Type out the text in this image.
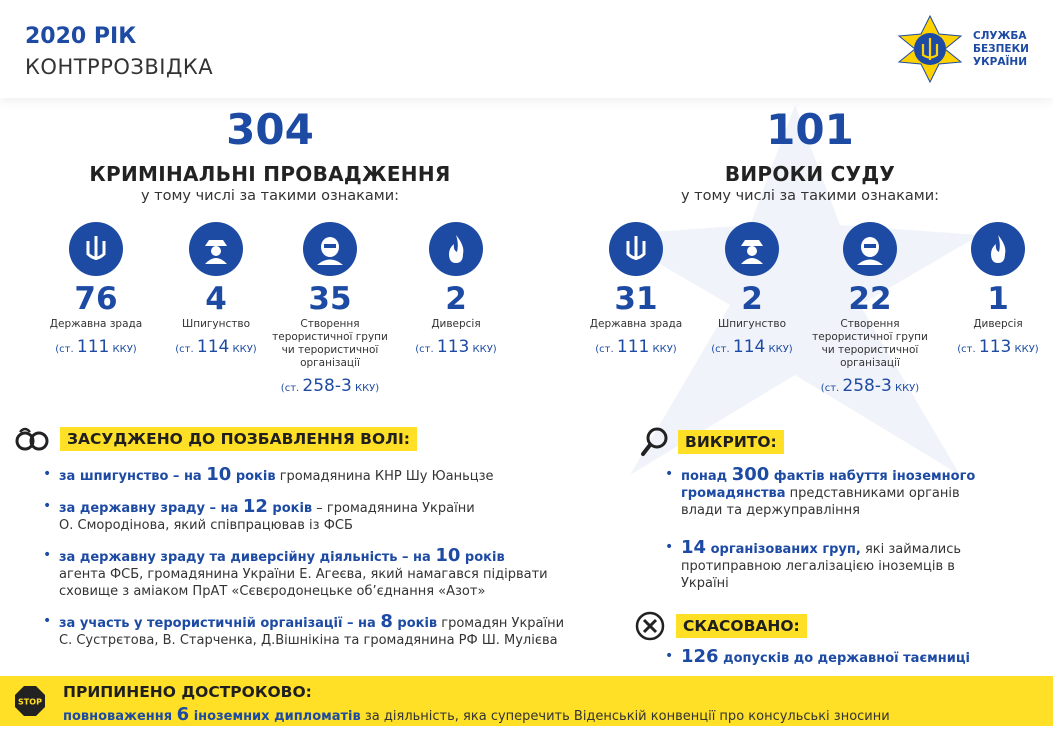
2020 РІК
КОНТРРОЗВІДКА
СЛУЖБА
БЕЗПЕКИ
УКРАЇНИ
304
КРИМІНАЛЬНІ ПРОВАДЖЕННЯ
у тому числі за такими ознаками:
101
ВИРОКИ СУДУ
у тому числі за такими ознаками:
76
Державна зрада
(ст. 111 ККУ)
4
Шпигунство
(ст. 114 ККУ)
35
Створення терористичної групи чи терористичної організації
(ст. 258-3 ККУ)
2
Диверсія
(ст. 113 ККУ)
31
Державна зрада
(ст. 111 ККУ)
2
Шпигунство
(ст. 114 ККУ)
22
Створення терористичної групи чи терористичної організації
(ст. 258-3 ККУ)
1
Диверсія
(ст. 113 ККУ)
ЗАСУДЖЕНО ДО ПОЗБАВЛЕННЯ ВОЛІ:
• за шпигунство – на 10 років громадянина КНР Шу Юаньцзе
• за державну зраду – на 12 років – громадянина України
О. Смородінова, який співпрацював із ФСБ
• за державну зраду та диверсійну діяльність – на 10 років
агента ФСБ, громадянина України Е. Агеєва, який намагався підірвати сховище з аміаком ПрАТ «Сєвєродонецьке об’єднання «Азот»
• за участь у терористичній організації – на 8 років громадян України
С. Сустрєтова, В. Старченка, Д.Вішнікіна та громадянина РФ Ш. Мулієва
ВИКРИТО:
• понад 300 фактів набуття іноземного громадянства представниками органів влади та держуправління
• 14 організованих груп, які займались протиправною легалізацією іноземців в Україні
СКАСОВАНО:
• 126 допусків до державної таємниці
STOP
ПРИПИНЕНО ДОСТРОКОВО:
повноваження 6 іноземних дипломатів за діяльність, яка суперечить Віденській конвенції про консульські зносини
